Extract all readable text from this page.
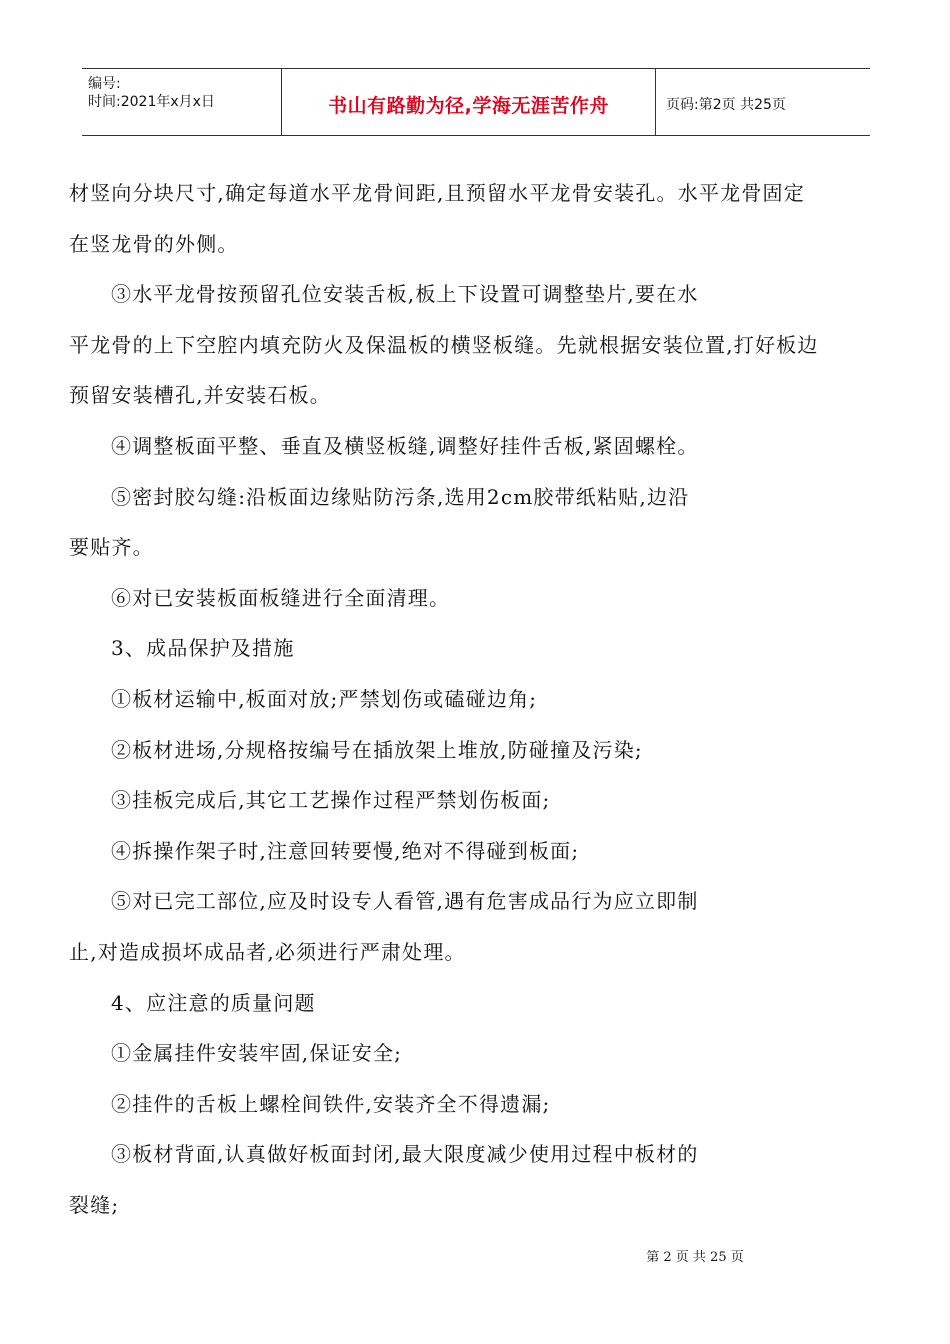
编号:
时间:2021年x月x日	书山有路勤为径,学海无涯苦作舟	页码:第2页 共25页
材竖向分块尺寸,确定每道水平龙骨间距,且预留水平龙骨安装孔。水平龙骨固定
在竖龙骨的外侧。
③水平龙骨按预留孔位安装舌板,板上下设置可调整垫片,要在水
平龙骨的上下空腔内填充防火及保温板的横竖板缝。先就根据安装位置,打好板边
预留安装槽孔,并安装石板。
④调整板面平整、垂直及横竖板缝,调整好挂件舌板,紧固螺栓。
⑤密封胶勾缝:沿板面边缘贴防污条,选用2cm胶带纸粘贴,边沿
要贴齐。
⑥对已安装板面板缝进行全面清理。
3、成品保护及措施
①板材运输中,板面对放;严禁划伤或磕碰边角;
②板材进场,分规格按编号在插放架上堆放,防碰撞及污染;
③挂板完成后,其它工艺操作过程严禁划伤板面;
④拆操作架子时,注意回转要慢,绝对不得碰到板面;
⑤对已完工部位,应及时设专人看管,遇有危害成品行为应立即制
止,对造成损坏成品者,必须进行严肃处理。
4、应注意的质量问题
①金属挂件安装牢固,保证安全;
②挂件的舌板上螺栓间铁件,安装齐全不得遗漏;
③板材背面,认真做好板面封闭,最大限度减少使用过程中板材的
裂缝;
第 2 页 共 25 页
